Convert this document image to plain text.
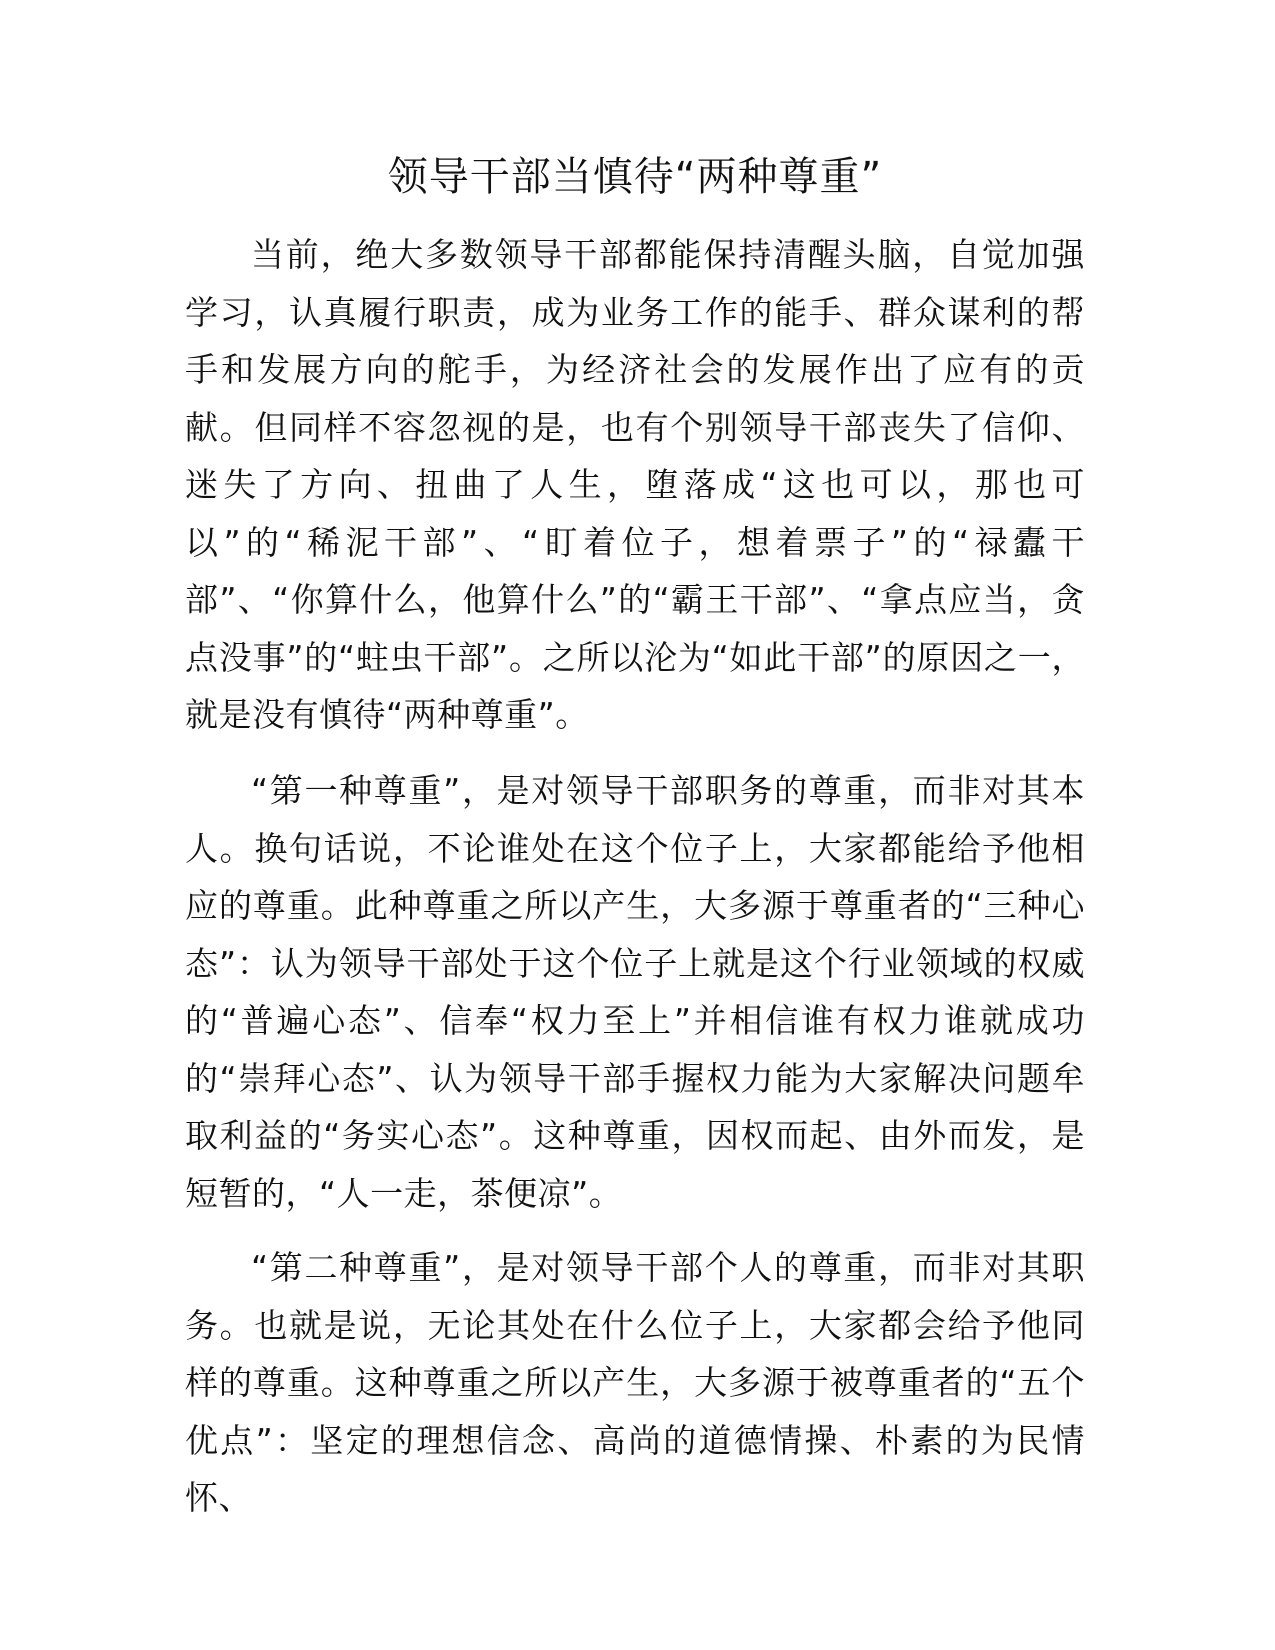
领导干部当慎待“两种尊重”

当前，绝大多数领导干部都能保持清醒头脑，自觉加强学习，认真履行职责，成为业务工作的能手、群众谋利的帮手和发展方向的舵手，为经济社会的发展作出了应有的贡献。但同样不容忽视的是，也有个别领导干部丧失了信仰、迷失了方向、扭曲了人生，堕落成“这也可以，那也可以”的“稀泥干部”、“盯着位子，想着票子”的“禄蠹干部”、“你算什么，他算什么”的“霸王干部”、“拿点应当，贪点没事”的“蛀虫干部”。之所以沦为“如此干部”的原因之一，就是没有慎待“两种尊重”。

“第一种尊重”，是对领导干部职务的尊重，而非对其本人。换句话说，不论谁处在这个位子上，大家都能给予他相应的尊重。此种尊重之所以产生，大多源于尊重者的“三种心态”：认为领导干部处于这个位子上就是这个行业领域的权威的“普遍心态”、信奉“权力至上”并相信谁有权力谁就成功的“崇拜心态”、认为领导干部手握权力能为大家解决问题牟取利益的“务实心态”。这种尊重，因权而起、由外而发，是短暂的，“人一走，茶便凉”。

“第二种尊重”，是对领导干部个人的尊重，而非对其职务。也就是说，无论其处在什么位子上，大家都会给予他同样的尊重。这种尊重之所以产生，大多源于被尊重者的“五个优点”：坚定的理想信念、高尚的道德情操、朴素的为民情怀、
